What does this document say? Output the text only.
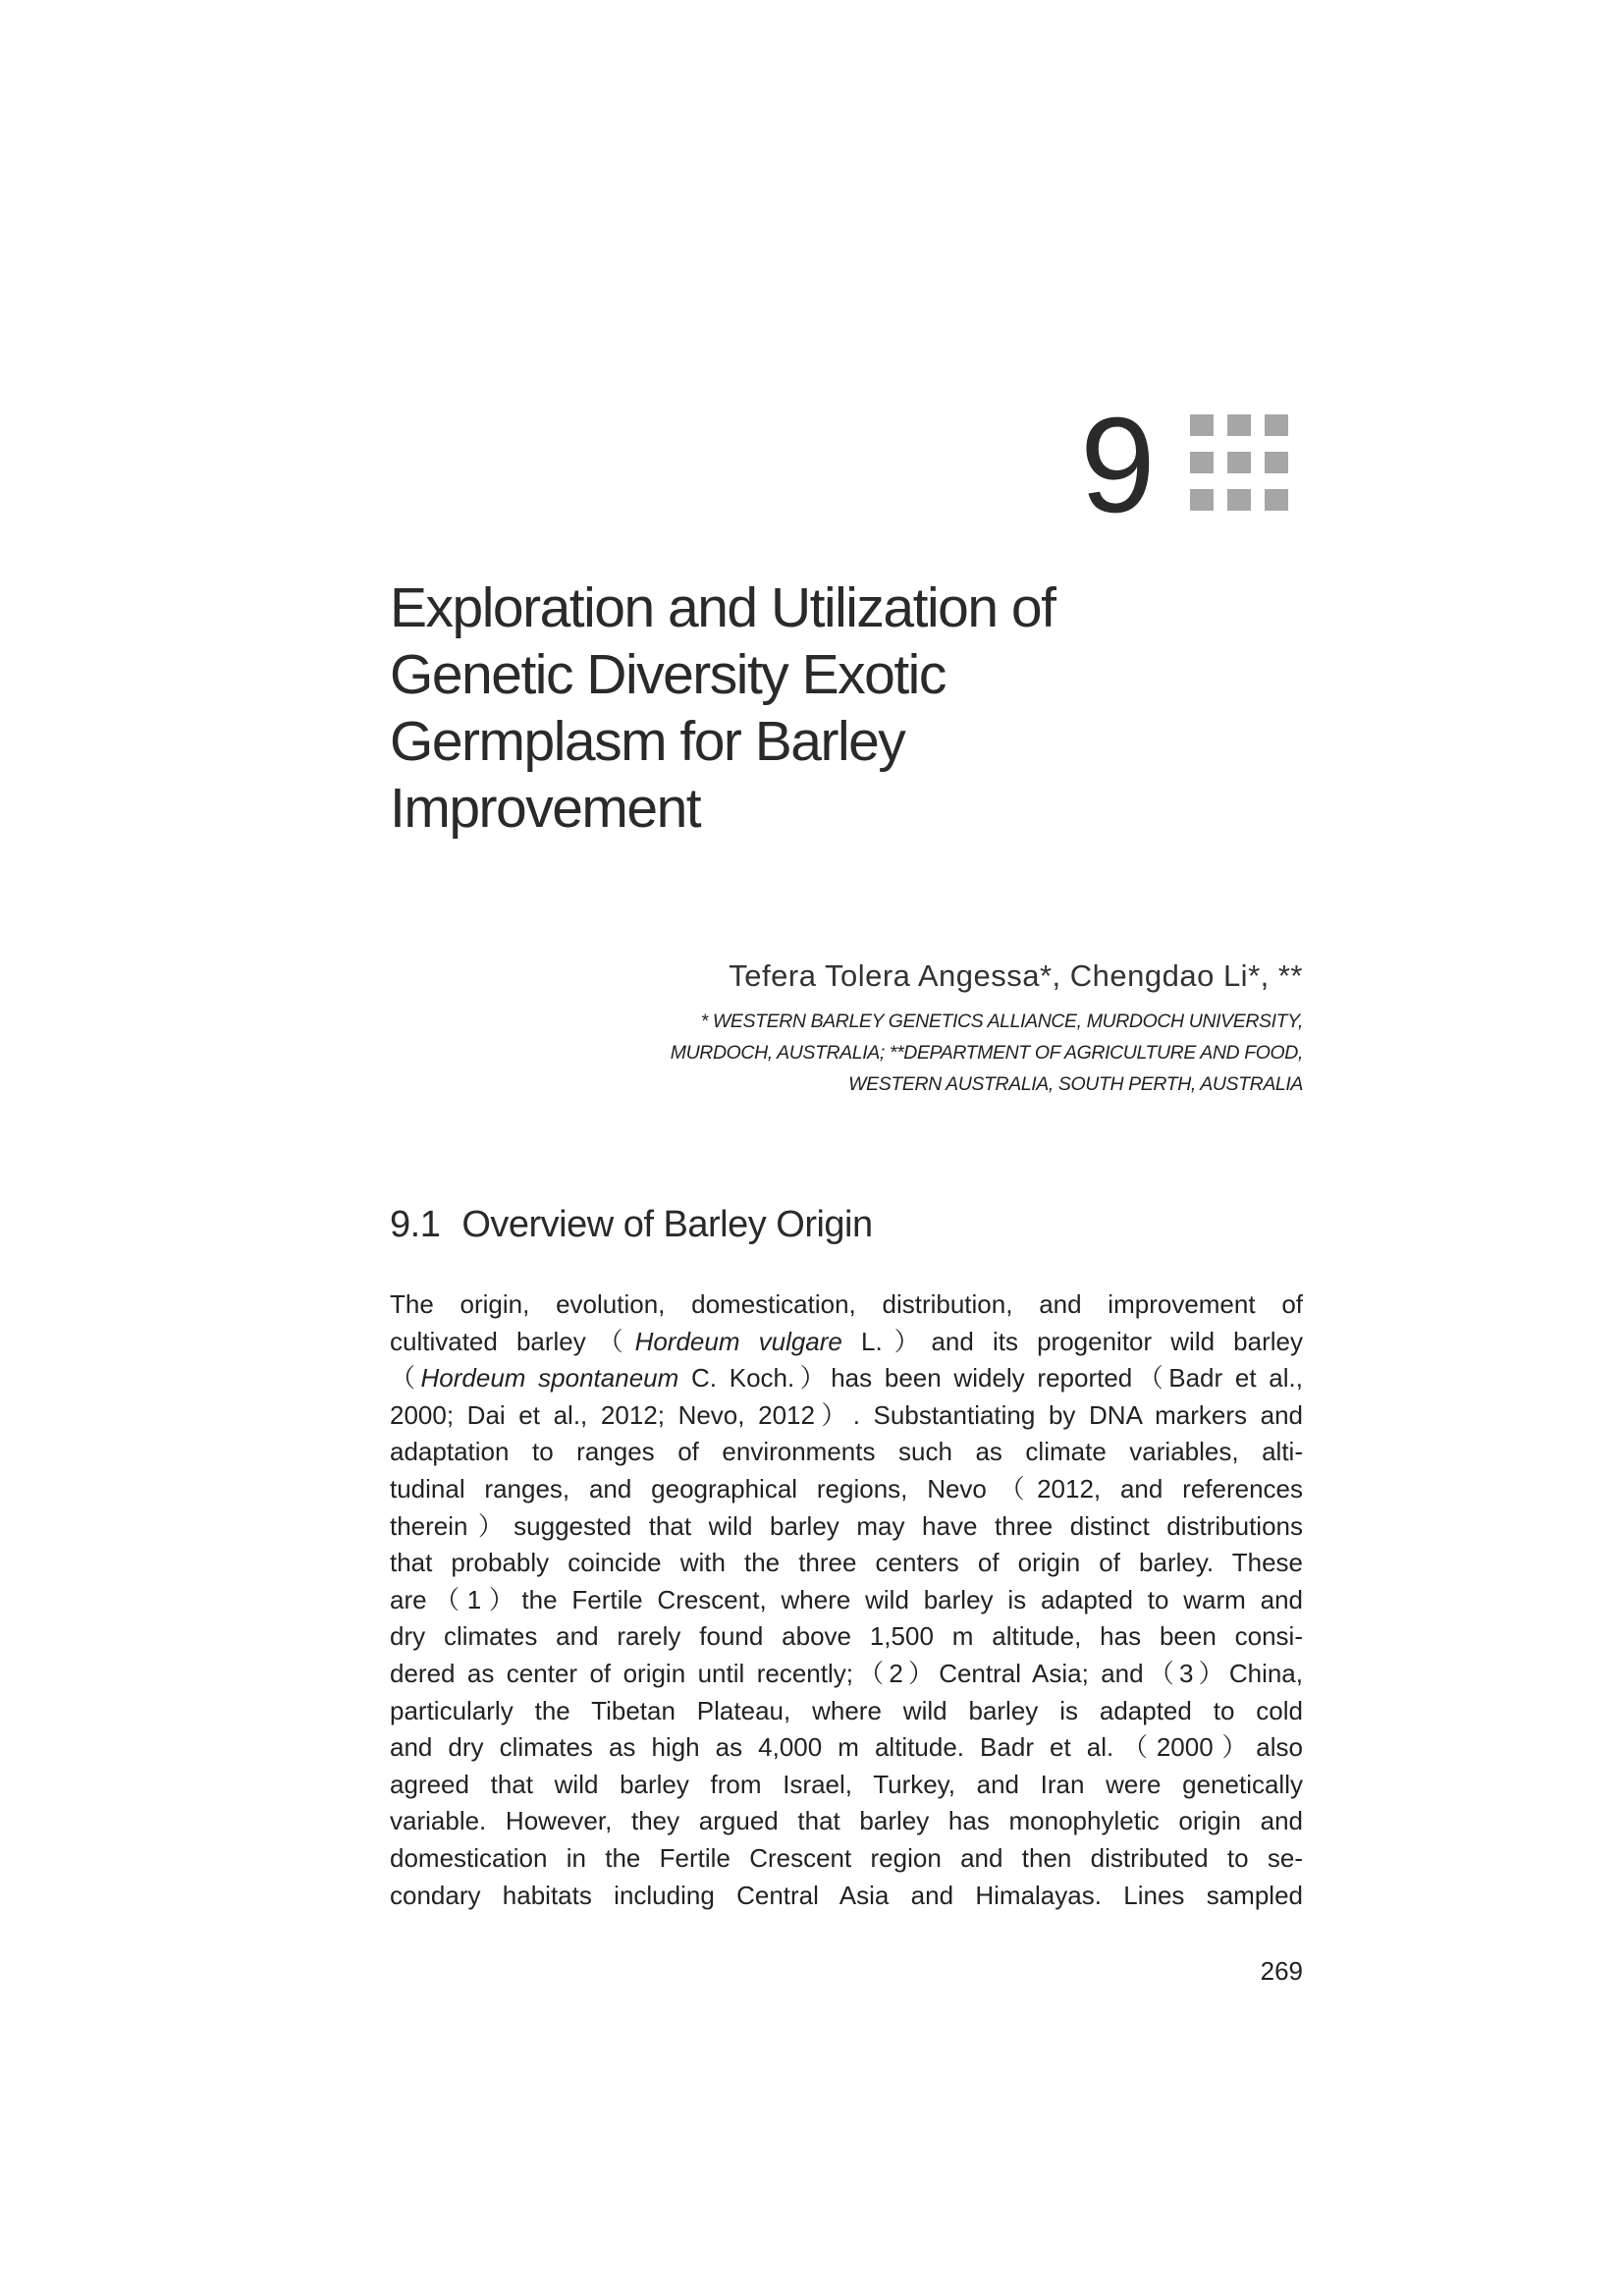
9
Exploration and Utilization of
Genetic Diversity Exotic
Germplasm for Barley
Improvement
Tefera Tolera Angessa*, Chengdao Li*, **
* WESTERN BARLEY GENETICS ALLIANCE, MURDOCH UNIVERSITY,
MURDOCH, AUSTRALIA; **DEPARTMENT OF AGRICULTURE AND FOOD,
WESTERN AUSTRALIA, SOUTH PERTH, AUSTRALIA
9.1 Overview of Barley Origin
The origin, evolution, domestication, distribution, and improvement of
cultivated barley（Hordeum vulgare L.）and its progenitor wild barley
（Hordeum spontaneum C. Koch.）has been widely reported（Badr et al.,
2000; Dai et al., 2012; Nevo, 2012）. Substantiating by DNA markers and
adaptation to ranges of environments such as climate variables, alti-
tudinal ranges, and geographical regions, Nevo（2012, and references
therein）suggested that wild barley may have three distinct distributions
that probably coincide with the three centers of origin of barley. These
are（1）the Fertile Crescent, where wild barley is adapted to warm and
dry climates and rarely found above 1,500 m altitude, has been consi-
dered as center of origin until recently;（2）Central Asia; and（3）China,
particularly the Tibetan Plateau, where wild barley is adapted to cold
and dry climates as high as 4,000 m altitude. Badr et al.（2000）also
agreed that wild barley from Israel, Turkey, and Iran were genetically
variable. However, they argued that barley has monophyletic origin and
domestication in the Fertile Crescent region and then distributed to se-
condary habitats including Central Asia and Himalayas. Lines sampled
269
